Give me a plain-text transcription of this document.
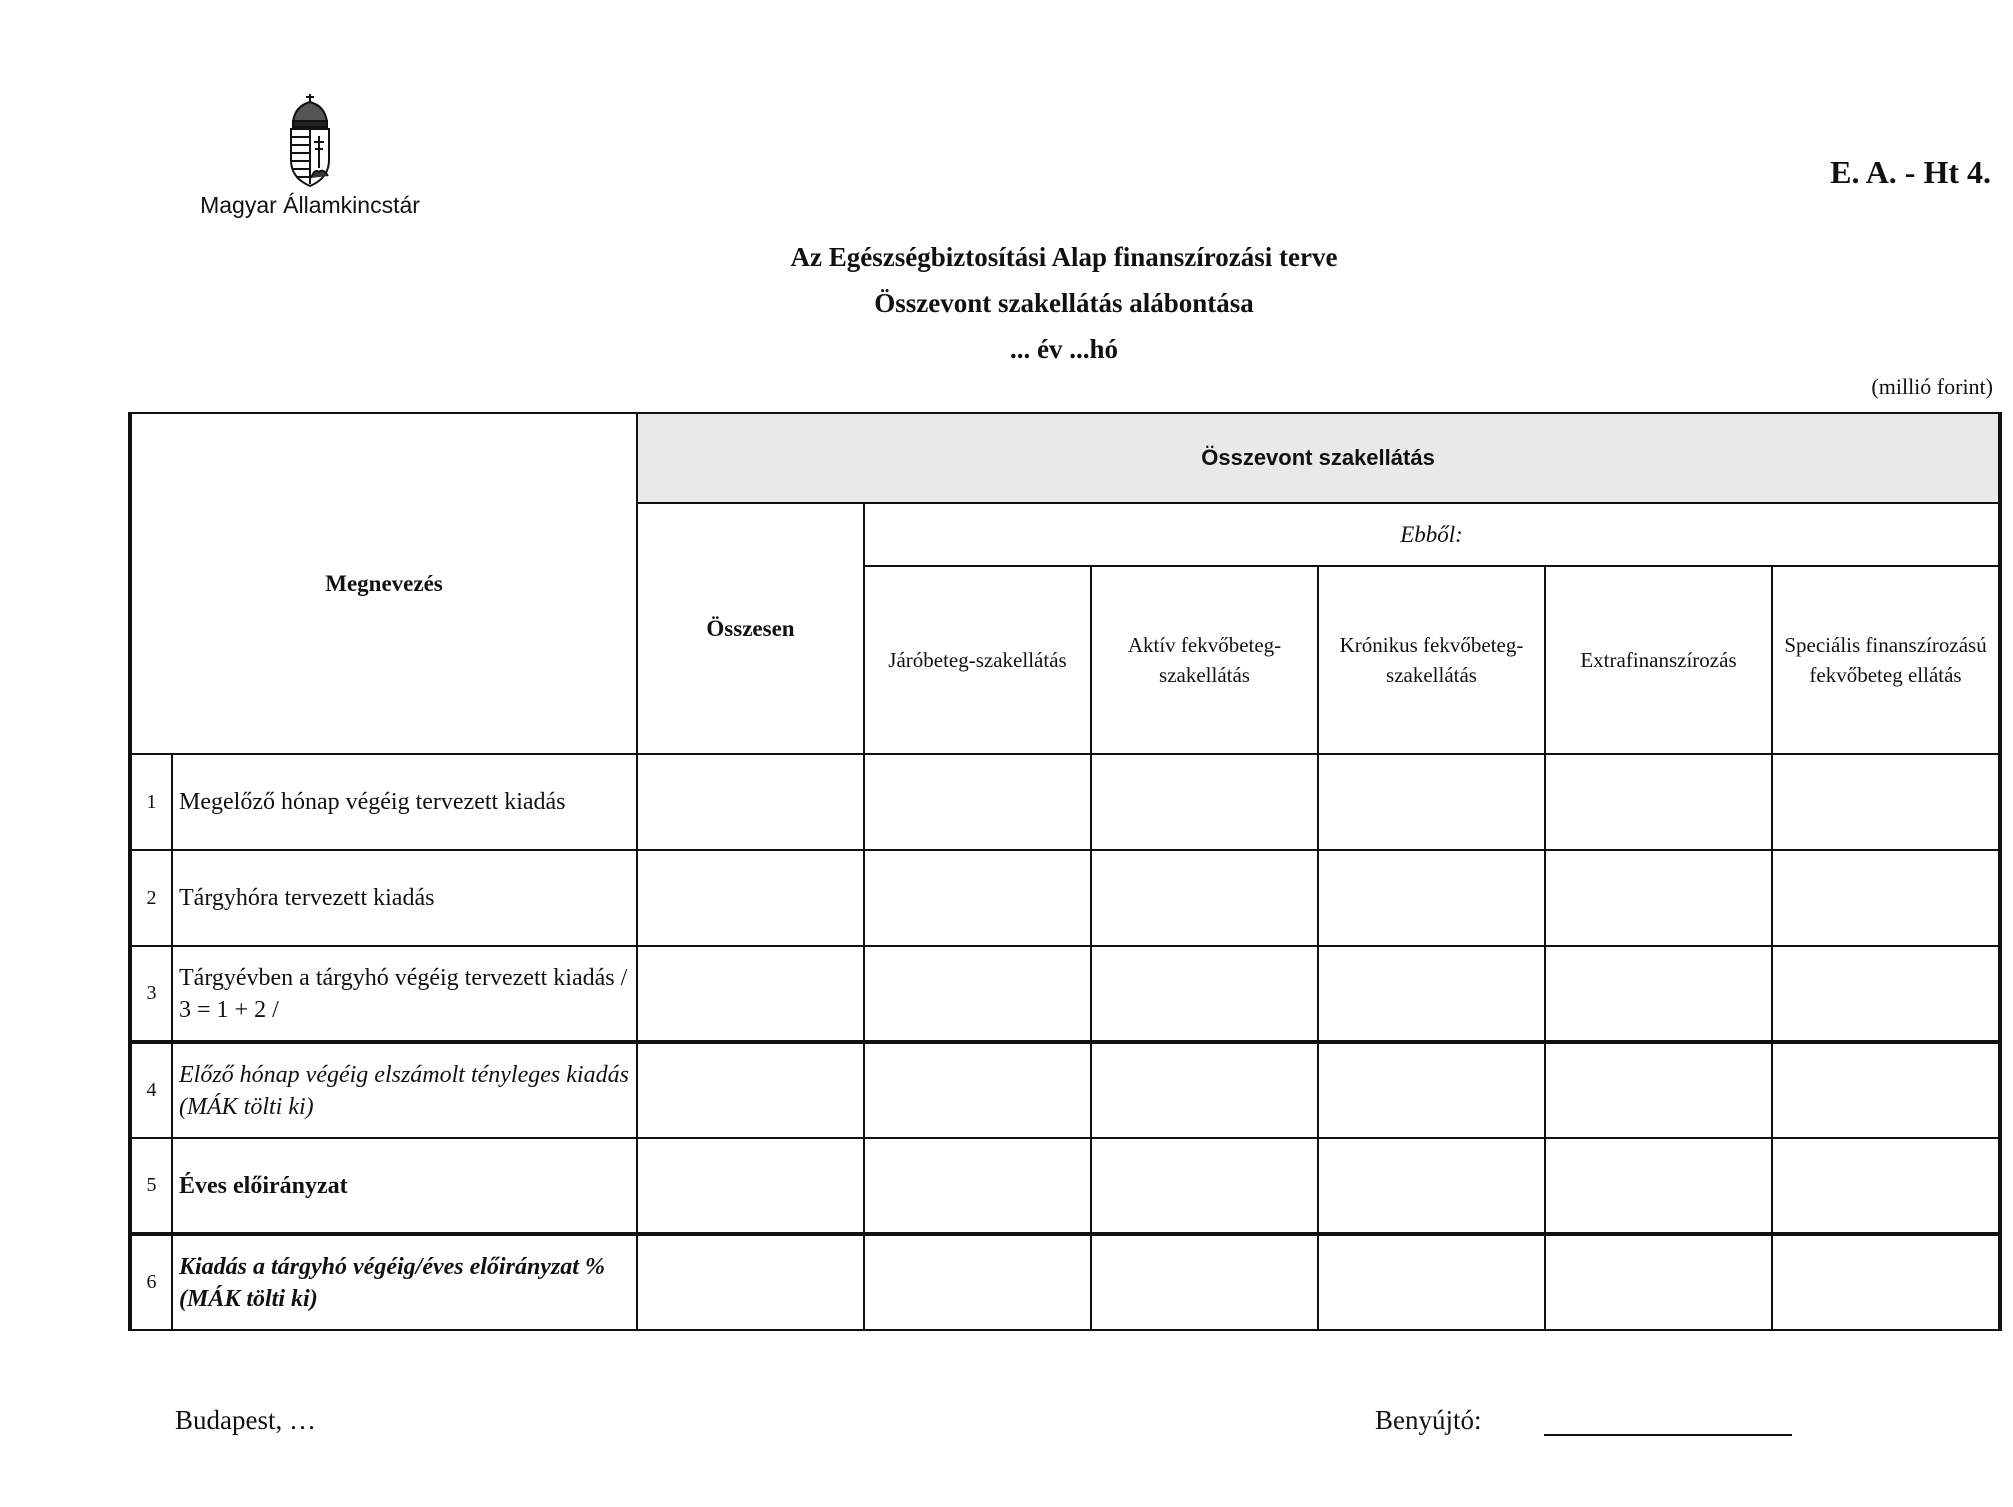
Magyar Államkincstár
E. A. - Ht 4.
Az Egészségbiztosítási Alap finanszírozási terve
Összevont szakellátás alábontása
... év ...hó
(millió forint)
Megnevezés		Összevont szakellátás					
		Összesen	Ebből:				
			Járóbeteg-szakellátás	Aktív fekvőbeteg-szakellátás	Krónikus fekvőbeteg-szakellátás	Extrafinanszírozás	Speciális finanszírozású fekvőbeteg ellátás
1	Megelőző hónap végéig tervezett kiadás						
2	Tárgyhóra tervezett kiadás						
3	Tárgyévben a tárgyhó végéig tervezett kiadás / 3 = 1 + 2 /						
4	Előző hónap végéig elszámolt tényleges kiadás (MÁK tölti ki)						
5	Éves előirányzat						
6	Kiadás a tárgyhó végéig/éves előirányzat % (MÁK tölti ki)						
Budapest, …	Benyújtó:
